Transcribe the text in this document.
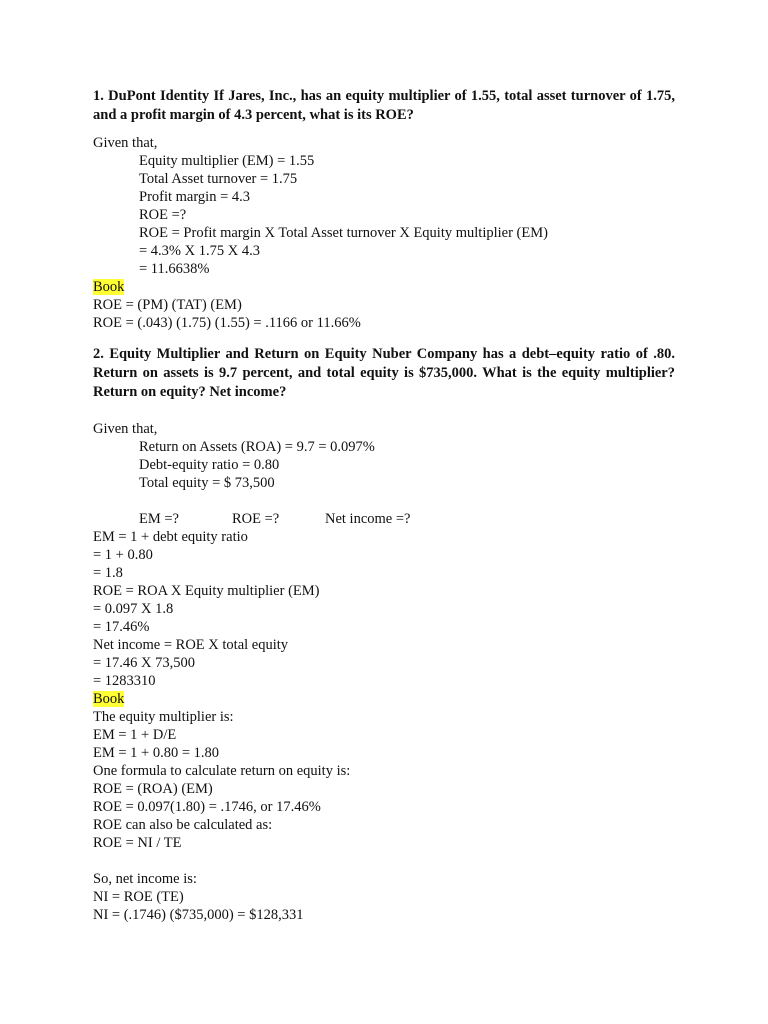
1. DuPont Identity If Jares, Inc., has an equity multiplier of 1.55, total asset turnover of 1.75, and a profit margin of 4.3 percent, what is its ROE?

Given that,
Equity multiplier (EM) = 1.55
Total Asset turnover = 1.75
Profit margin = 4.3
ROE =?
ROE = Profit margin X Total Asset turnover X Equity multiplier (EM)
= 4.3% X 1.75 X 4.3
= 11.6638%
Book
ROE = (PM) (TAT) (EM)
ROE = (.043) (1.75) (1.55) = .1166 or 11.66%

2. Equity Multiplier and Return on Equity Nuber Company has a debt–equity ratio of .80. Return on assets is 9.7 percent, and total equity is $735,000. What is the equity multiplier? Return on equity? Net income?

Given that,
Return on Assets (ROA) = 9.7 = 0.097%
Debt-equity ratio = 0.80
Total equity = $ 73,500
EM =?	ROE =?	Net income =?
EM = 1 + debt equity ratio
= 1 + 0.80
= 1.8
ROE = ROA X Equity multiplier (EM)
= 0.097 X 1.8
= 17.46%
Net income = ROE X total equity
= 17.46 X 73,500
= 1283310
Book
The equity multiplier is:
EM = 1 + D/E
EM = 1 + 0.80 = 1.80
One formula to calculate return on equity is:
ROE = (ROA) (EM)
ROE = 0.097(1.80) = .1746, or 17.46%
ROE can also be calculated as:
ROE = NI / TE
So, net income is:
NI = ROE (TE)
NI = (.1746) ($735,000) = $128,331
